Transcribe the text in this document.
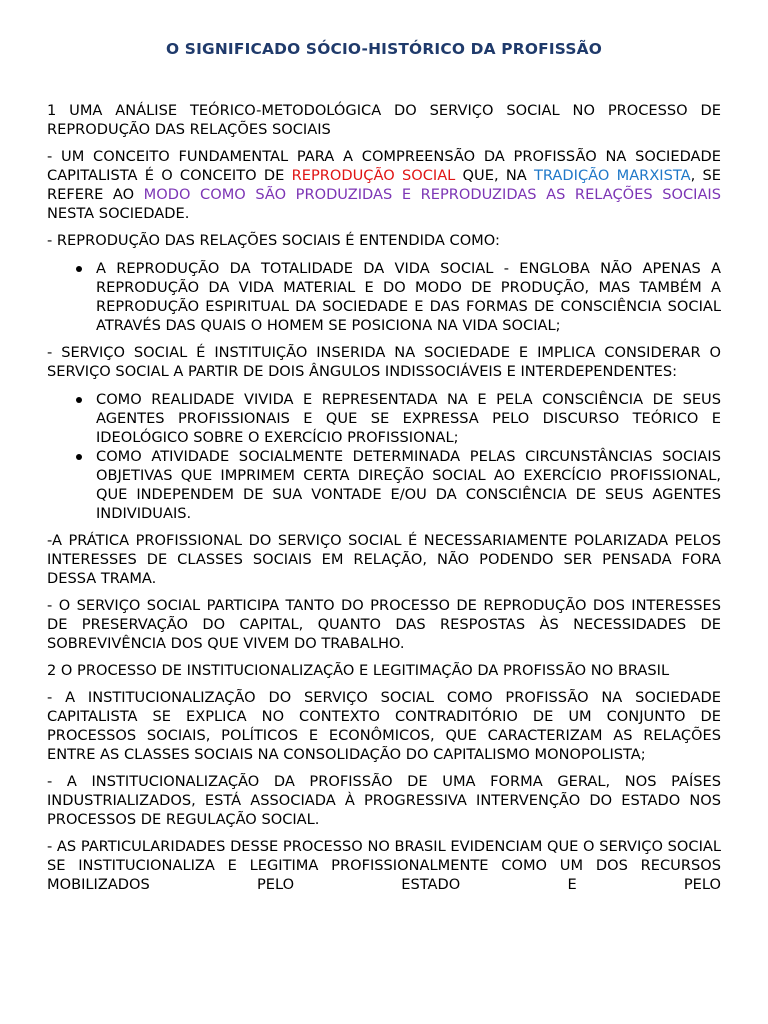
O SIGNIFICADO SÓCIO-HISTÓRICO DA PROFISSÃO

1 UMA ANÁLISE TEÓRICO-METODOLÓGICA DO SERVIÇO SOCIAL NO PROCESSO DE REPRODUÇÃO DAS RELAÇÕES SOCIAIS

- UM CONCEITO FUNDAMENTAL PARA A COMPREENSÃO DA PROFISSÃO NA SOCIEDADE CAPITALISTA É O CONCEITO DE REPRODUÇÃO SOCIAL QUE, NA TRADIÇÃO MARXISTA, SE REFERE AO MODO COMO SÃO PRODUZIDAS E REPRODUZIDAS AS RELAÇÕES SOCIAIS NESTA SOCIEDADE.

- REPRODUÇÃO DAS RELAÇÕES SOCIAIS É ENTENDIDA COMO:

A REPRODUÇÃO DA TOTALIDADE DA VIDA SOCIAL - ENGLOBA NÃO APENAS A REPRODUÇÃO DA VIDA MATERIAL E DO MODO DE PRODUÇÃO, MAS TAMBÉM A REPRODUÇÃO ESPIRITUAL DA SOCIEDADE E DAS FORMAS DE CONSCIÊNCIA SOCIAL ATRAVÉS DAS QUAIS O HOMEM SE POSICIONA NA VIDA SOCIAL;

- SERVIÇO SOCIAL É INSTITUIÇÃO INSERIDA NA SOCIEDADE E IMPLICA CONSIDERAR O SERVIÇO SOCIAL A PARTIR DE DOIS ÂNGULOS INDISSOCIÁVEIS E INTERDEPENDENTES:

COMO REALIDADE VIVIDA E REPRESENTADA NA E PELA CONSCIÊNCIA DE SEUS AGENTES PROFISSIONAIS E QUE SE EXPRESSA PELO DISCURSO TEÓRICO E IDEOLÓGICO SOBRE O EXERCÍCIO PROFISSIONAL;
COMO ATIVIDADE SOCIALMENTE DETERMINADA PELAS CIRCUNSTÂNCIAS SOCIAIS OBJETIVAS QUE IMPRIMEM CERTA DIREÇÃO SOCIAL AO EXERCÍCIO PROFISSIONAL, QUE INDEPENDEM DE SUA VONTADE E/OU DA CONSCIÊNCIA DE SEUS AGENTES INDIVIDUAIS.

-A PRÁTICA PROFISSIONAL DO SERVIÇO SOCIAL É NECESSARIAMENTE POLARIZADA PELOS INTERESSES DE CLASSES SOCIAIS EM RELAÇÃO, NÃO PODENDO SER PENSADA FORA DESSA TRAMA.

- O SERVIÇO SOCIAL PARTICIPA TANTO DO PROCESSO DE REPRODUÇÃO DOS INTERESSES DE PRESERVAÇÃO DO CAPITAL, QUANTO DAS RESPOSTAS ÀS NECESSIDADES DE SOBREVIVÊNCIA DOS QUE VIVEM DO TRABALHO.

2 O PROCESSO DE INSTITUCIONALIZAÇÃO E LEGITIMAÇÃO DA PROFISSÃO NO BRASIL

- A INSTITUCIONALIZAÇÃO DO SERVIÇO SOCIAL COMO PROFISSÃO NA SOCIEDADE CAPITALISTA SE EXPLICA NO CONTEXTO CONTRADITÓRIO DE UM CONJUNTO DE PROCESSOS SOCIAIS, POLÍTICOS E ECONÔMICOS, QUE CARACTERIZAM AS RELAÇÕES ENTRE AS CLASSES SOCIAIS NA CONSOLIDAÇÃO DO CAPITALISMO MONOPOLISTA;

- A INSTITUCIONALIZAÇÃO DA PROFISSÃO DE UMA FORMA GERAL, NOS PAÍSES INDUSTRIALIZADOS, ESTÁ ASSOCIADA À PROGRESSIVA INTERVENÇÃO DO ESTADO NOS PROCESSOS DE REGULAÇÃO SOCIAL.

- AS PARTICULARIDADES DESSE PROCESSO NO BRASIL EVIDENCIAM QUE O SERVIÇO SOCIAL SE INSTITUCIONALIZA E LEGITIMA PROFISSIONALMENTE COMO UM DOS RECURSOS MOBILIZADOS PELO ESTADO E PELO
